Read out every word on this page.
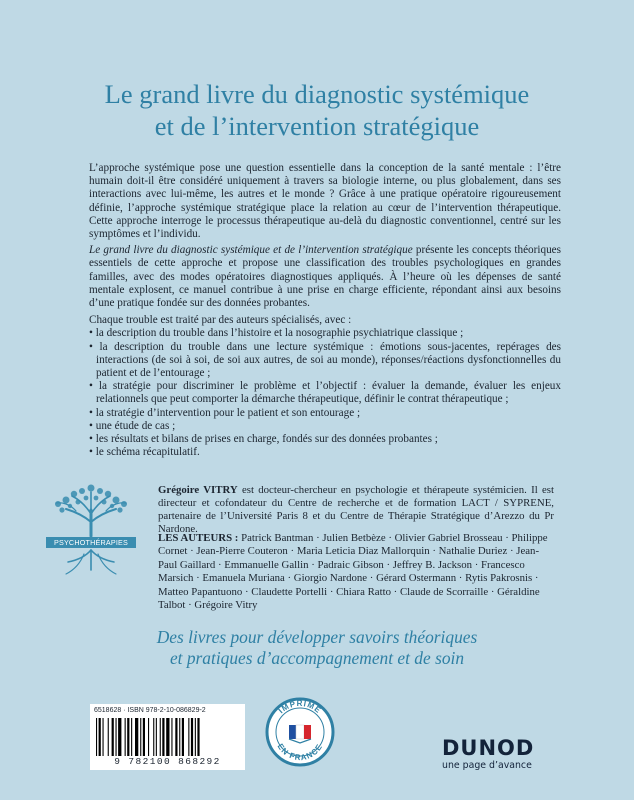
Le grand livre du diagnostic systémique
et de l’intervention stratégique

L’approche systémique pose une question essentielle dans la conception de la santé mentale : l’être humain doit-il être considéré uniquement à travers sa biologie interne, ou plus globalement, dans ses interactions avec lui-même, les autres et le monde ? Grâce à une pratique opératoire rigoureusement définie, l’approche systémique stratégique place la relation au cœur de l’intervention thérapeutique. Cette approche interroge le processus thérapeutique au-delà du diagnostic conventionnel, centré sur les symptômes et l’individu.

Le grand livre du diagnostic systémique et de l’intervention stratégique présente les concepts théoriques essentiels de cette approche et propose une classification des troubles psychologiques en grandes familles, avec des modes opératoires diagnostiques appliqués. À l’heure où les dépenses de santé mentale explosent, ce manuel contribue à une prise en charge efficiente, répondant ainsi aux besoins d’une pratique fondée sur des données probantes.

Chaque trouble est traité par des auteurs spécialisés, avec :

• la description du trouble dans l’histoire et la nosographie psychiatrique classique ;
• la description du trouble dans une lecture systémique : émotions sous-jacentes, repérages des interactions (de soi à soi, de soi aux autres, de soi au monde), réponses/réactions dysfonctionnelles du patient et de l’entourage ;
• la stratégie pour discriminer le problème et l’objectif : évaluer la demande, évaluer les enjeux relationnels que peut comporter la démarche thérapeutique, définir le contrat thérapeutique ;
• la stratégie d’intervention pour le patient et son entourage ;
• une étude de cas ;
• les résultats et bilans de prises en charge, fondés sur des données probantes ;
• le schéma récapitulatif.
PSYCHOTHÉRAPIES
Grégoire VITRY est docteur-chercheur en psychologie et thérapeute systémicien. Il est directeur et cofondateur du Centre de recherche et de formation LACT / SYPRENE, partenaire de l’Université Paris 8 et du Centre de Thérapie Stratégique d’Arezzo du Pr Nardone.
LES AUTEURS : Patrick Bantman · Julien Betbèze · Olivier Gabriel Brosseau · Philippe Cornet · Jean-Pierre Couteron · Maria Leticia Diaz Mallorquin · Nathalie Duriez · Jean-Paul Gaillard · Emmanuelle Gallin · Padraic Gibson · Jeffrey B. Jackson · Francesco Marsich · Emanuela Muriana · Giorgio Nardone · Gérard Ostermann · Rytis Pakrosnis · Matteo Papantuono · Claudette Portelli · Chiara Ratto · Claude de Scorraille · Géraldine Talbot · Grégoire Vitry
Des livres pour développer savoirs théoriques
et pratiques d’accompagnement et de soin
6518628 · ISBN 978-2-10-086829-2
9 782100 868292
IMPRIMÉ
EN FRANCE	DUNOD
une page d’avance
